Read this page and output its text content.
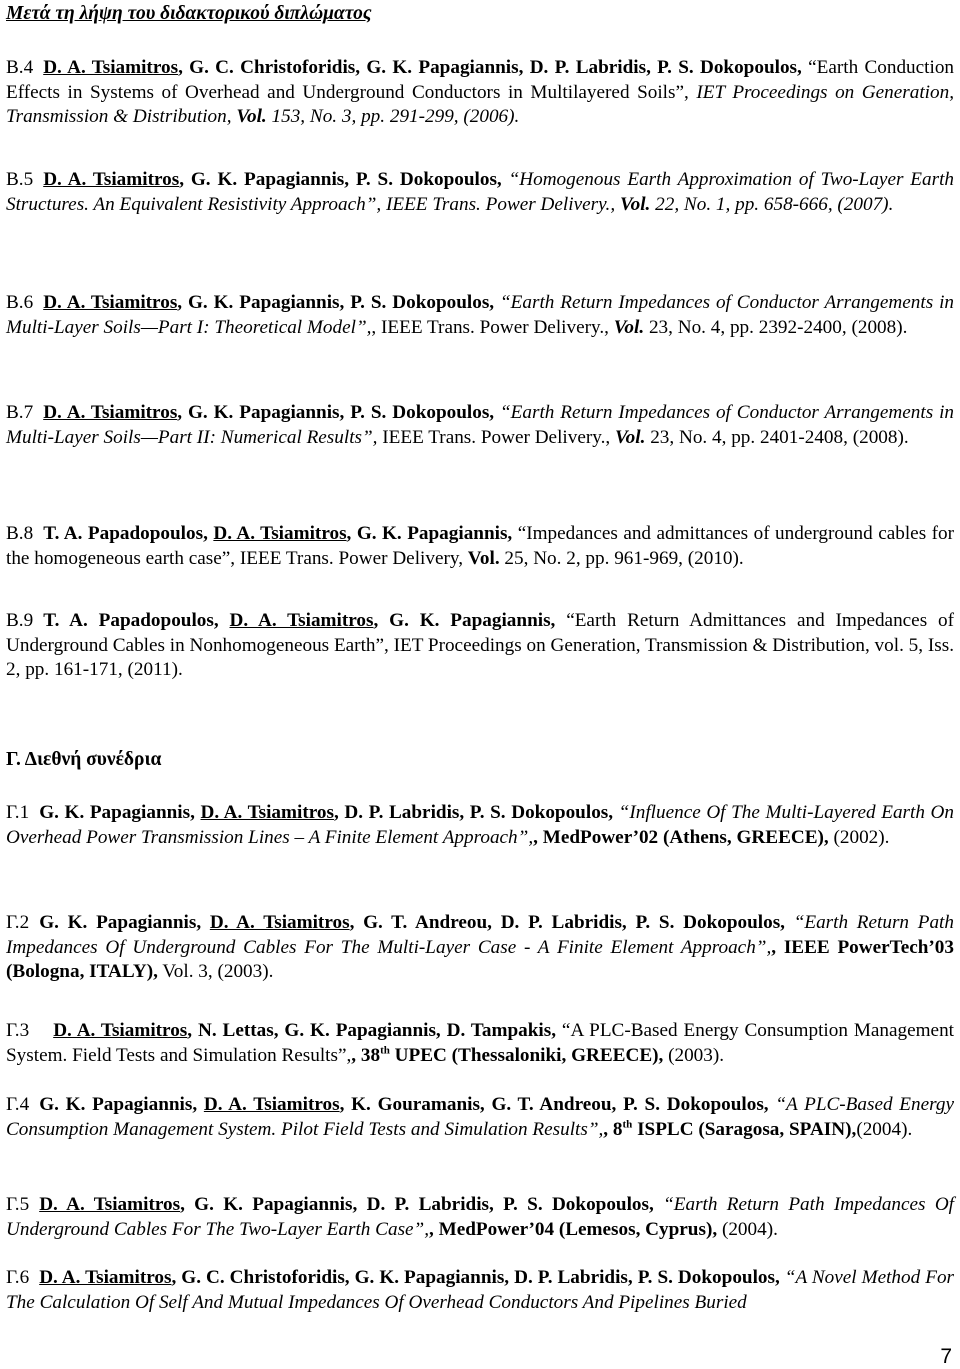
Μετά τη λήψη του διδακτορικού διπλώματος
B.4 D. A. Tsiamitros, G. C. Christoforidis, G. K. Papagiannis, D. P. Labridis, P. S. Dokopoulos, “Earth Conduction Effects in Systems of Overhead and Underground Conductors in Multilayered Soils”, IET Proceedings on Generation, Transmission & Distribution, Vol. 153, No. 3, pp. 291-299, (2006).
B.5 D. A. Tsiamitros, G. K. Papagiannis, P. S. Dokopoulos, “Homogenous Earth Approximation of Two-Layer Earth Structures. An Equivalent Resistivity Approach”, IEEE Trans. Power Delivery., Vol. 22, No. 1, pp. 658-666, (2007).
B.6 D. A. Tsiamitros, G. K. Papagiannis, P. S. Dokopoulos, “Earth Return Impedances of Conductor Arrangements in Multi-Layer Soils—Part I: Theoretical Model”,, IEEE Trans. Power Delivery., Vol. 23, No. 4, pp. 2392-2400, (2008).
B.7 D. A. Tsiamitros, G. K. Papagiannis, P. S. Dokopoulos, “Earth Return Impedances of Conductor Arrangements in Multi-Layer Soils—Part II: Numerical Results”, IEEE Trans. Power Delivery., Vol. 23, No. 4, pp. 2401-2408, (2008).
B.8 T. A. Papadopoulos, D. A. Tsiamitros, G. K. Papagiannis, “Impedances and admittances of underground cables for the homogeneous earth case”, IEEE Trans. Power Delivery, Vol. 25, No. 2, pp. 961-969, (2010).
B.9 T. A. Papadopoulos, D. A. Tsiamitros, G. K. Papagiannis, “Earth Return Admittances and Impedances of Underground Cables in Nonhomogeneous Earth”, IET Proceedings on Generation, Transmission & Distribution, vol. 5, Iss. 2, pp. 161-171, (2011).
Γ. Διεθνή συνέδρια
Γ.1 G. K. Papagiannis, D. A. Tsiamitros, D. P. Labridis, P. S. Dokopoulos, “Influence Of The Multi-Layered Earth On Overhead Power Transmission Lines – A Finite Element Approach”,, MedPower’02 (Athens, GREECE), (2002).
Γ.2 G. K. Papagiannis, D. A. Tsiamitros, G. T. Andreou, D. P. Labridis, P. S. Dokopoulos, “Earth Return Path Impedances Of Underground Cables For The Multi-Layer Case - A Finite Element Approach”,, IEEE PowerTech’03 (Bologna, ITALY), Vol. 3, (2003).
Γ.3 D. A. Tsiamitros, N. Lettas, G. K. Papagiannis, D. Tampakis, “A PLC-Based Energy Consumption Management System. Field Tests and Simulation Results”,, 38th UPEC (Thessaloniki, GREECE), (2003).
Γ.4 G. K. Papagiannis, D. A. Tsiamitros, K. Gouramanis, G. T. Andreou, P. S. Dokopoulos, “A PLC-Based Energy Consumption Management System. Pilot Field Tests and Simulation Results”,, 8th ISPLC (Saragosa, SPAIN),(2004).
Γ.5 D. A. Tsiamitros, G. K. Papagiannis, D. P. Labridis, P. S. Dokopoulos, “Earth Return Path Impedances Of Underground Cables For The Two-Layer Earth Case”,, MedPower’04 (Lemesos, Cyprus), (2004).
Γ.6 D. A. Tsiamitros, G. C. Christoforidis, G. K. Papagiannis, D. P. Labridis, P. S. Dokopoulos, “A Novel Method For The Calculation Of Self And Mutual Impedances Of Overhead Conductors And Pipelines Buried
7
